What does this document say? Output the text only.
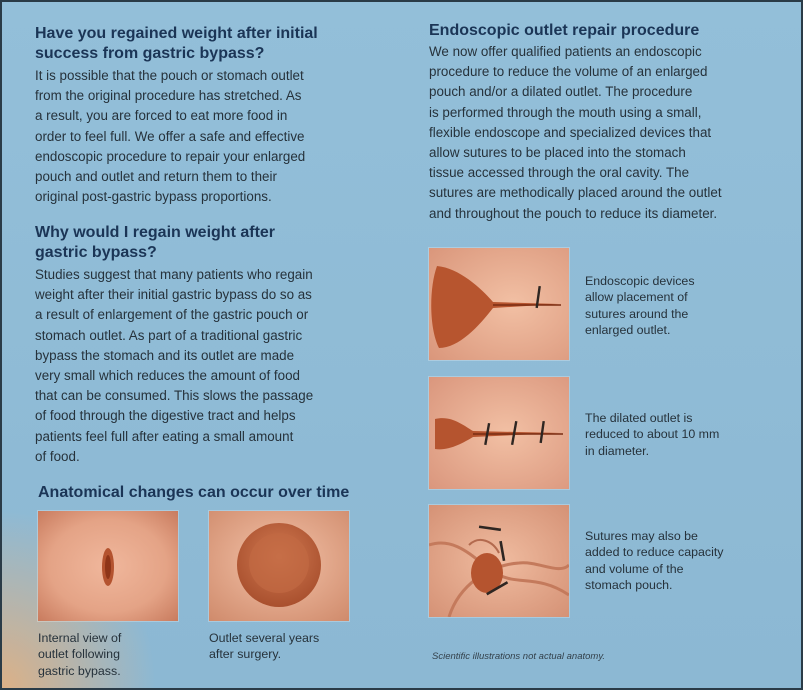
Have you regained weight after initial
success from gastric bypass?

It is possible that the pouch or stomach outlet
from the original procedure has stretched. As
a result, you are forced to eat more food in
order to feel full. We offer a safe and effective
endoscopic procedure to repair your enlarged
pouch and outlet and return them to their
original post-gastric bypass proportions.

Why would I regain weight after
gastric bypass?

Studies suggest that many patients who regain
weight after their initial gastric bypass do so as
a result of enlargement of the gastric pouch or
stomach outlet. As part of a traditional gastric
bypass the stomach and its outlet are made
very small which reduces the amount of food
that can be consumed. This slows the passage
of food through the digestive tract and helps
patients feel full after eating a small amount
of food.

Anatomical changes can occur over time

Internal view of
outlet following
gastric bypass.

Outlet several years
after surgery.

Endoscopic outlet repair procedure

We now offer qualified patients an endoscopic
procedure to reduce the volume of an enlarged
pouch and/or a dilated outlet. The procedure
is performed through the mouth using a small,
flexible endoscope and specialized devices that
allow sutures to be placed into the stomach
tissue accessed through the oral cavity. The
sutures are methodically placed around the outlet
and throughout the pouch to reduce its diameter.

Endoscopic devices
allow placement of
sutures around the
enlarged outlet.

The dilated outlet is
reduced to about 10 mm
in diameter.

Sutures may also be
added to reduce capacity
and volume of the
stomach pouch.

Scientific illustrations not actual anatomy.
